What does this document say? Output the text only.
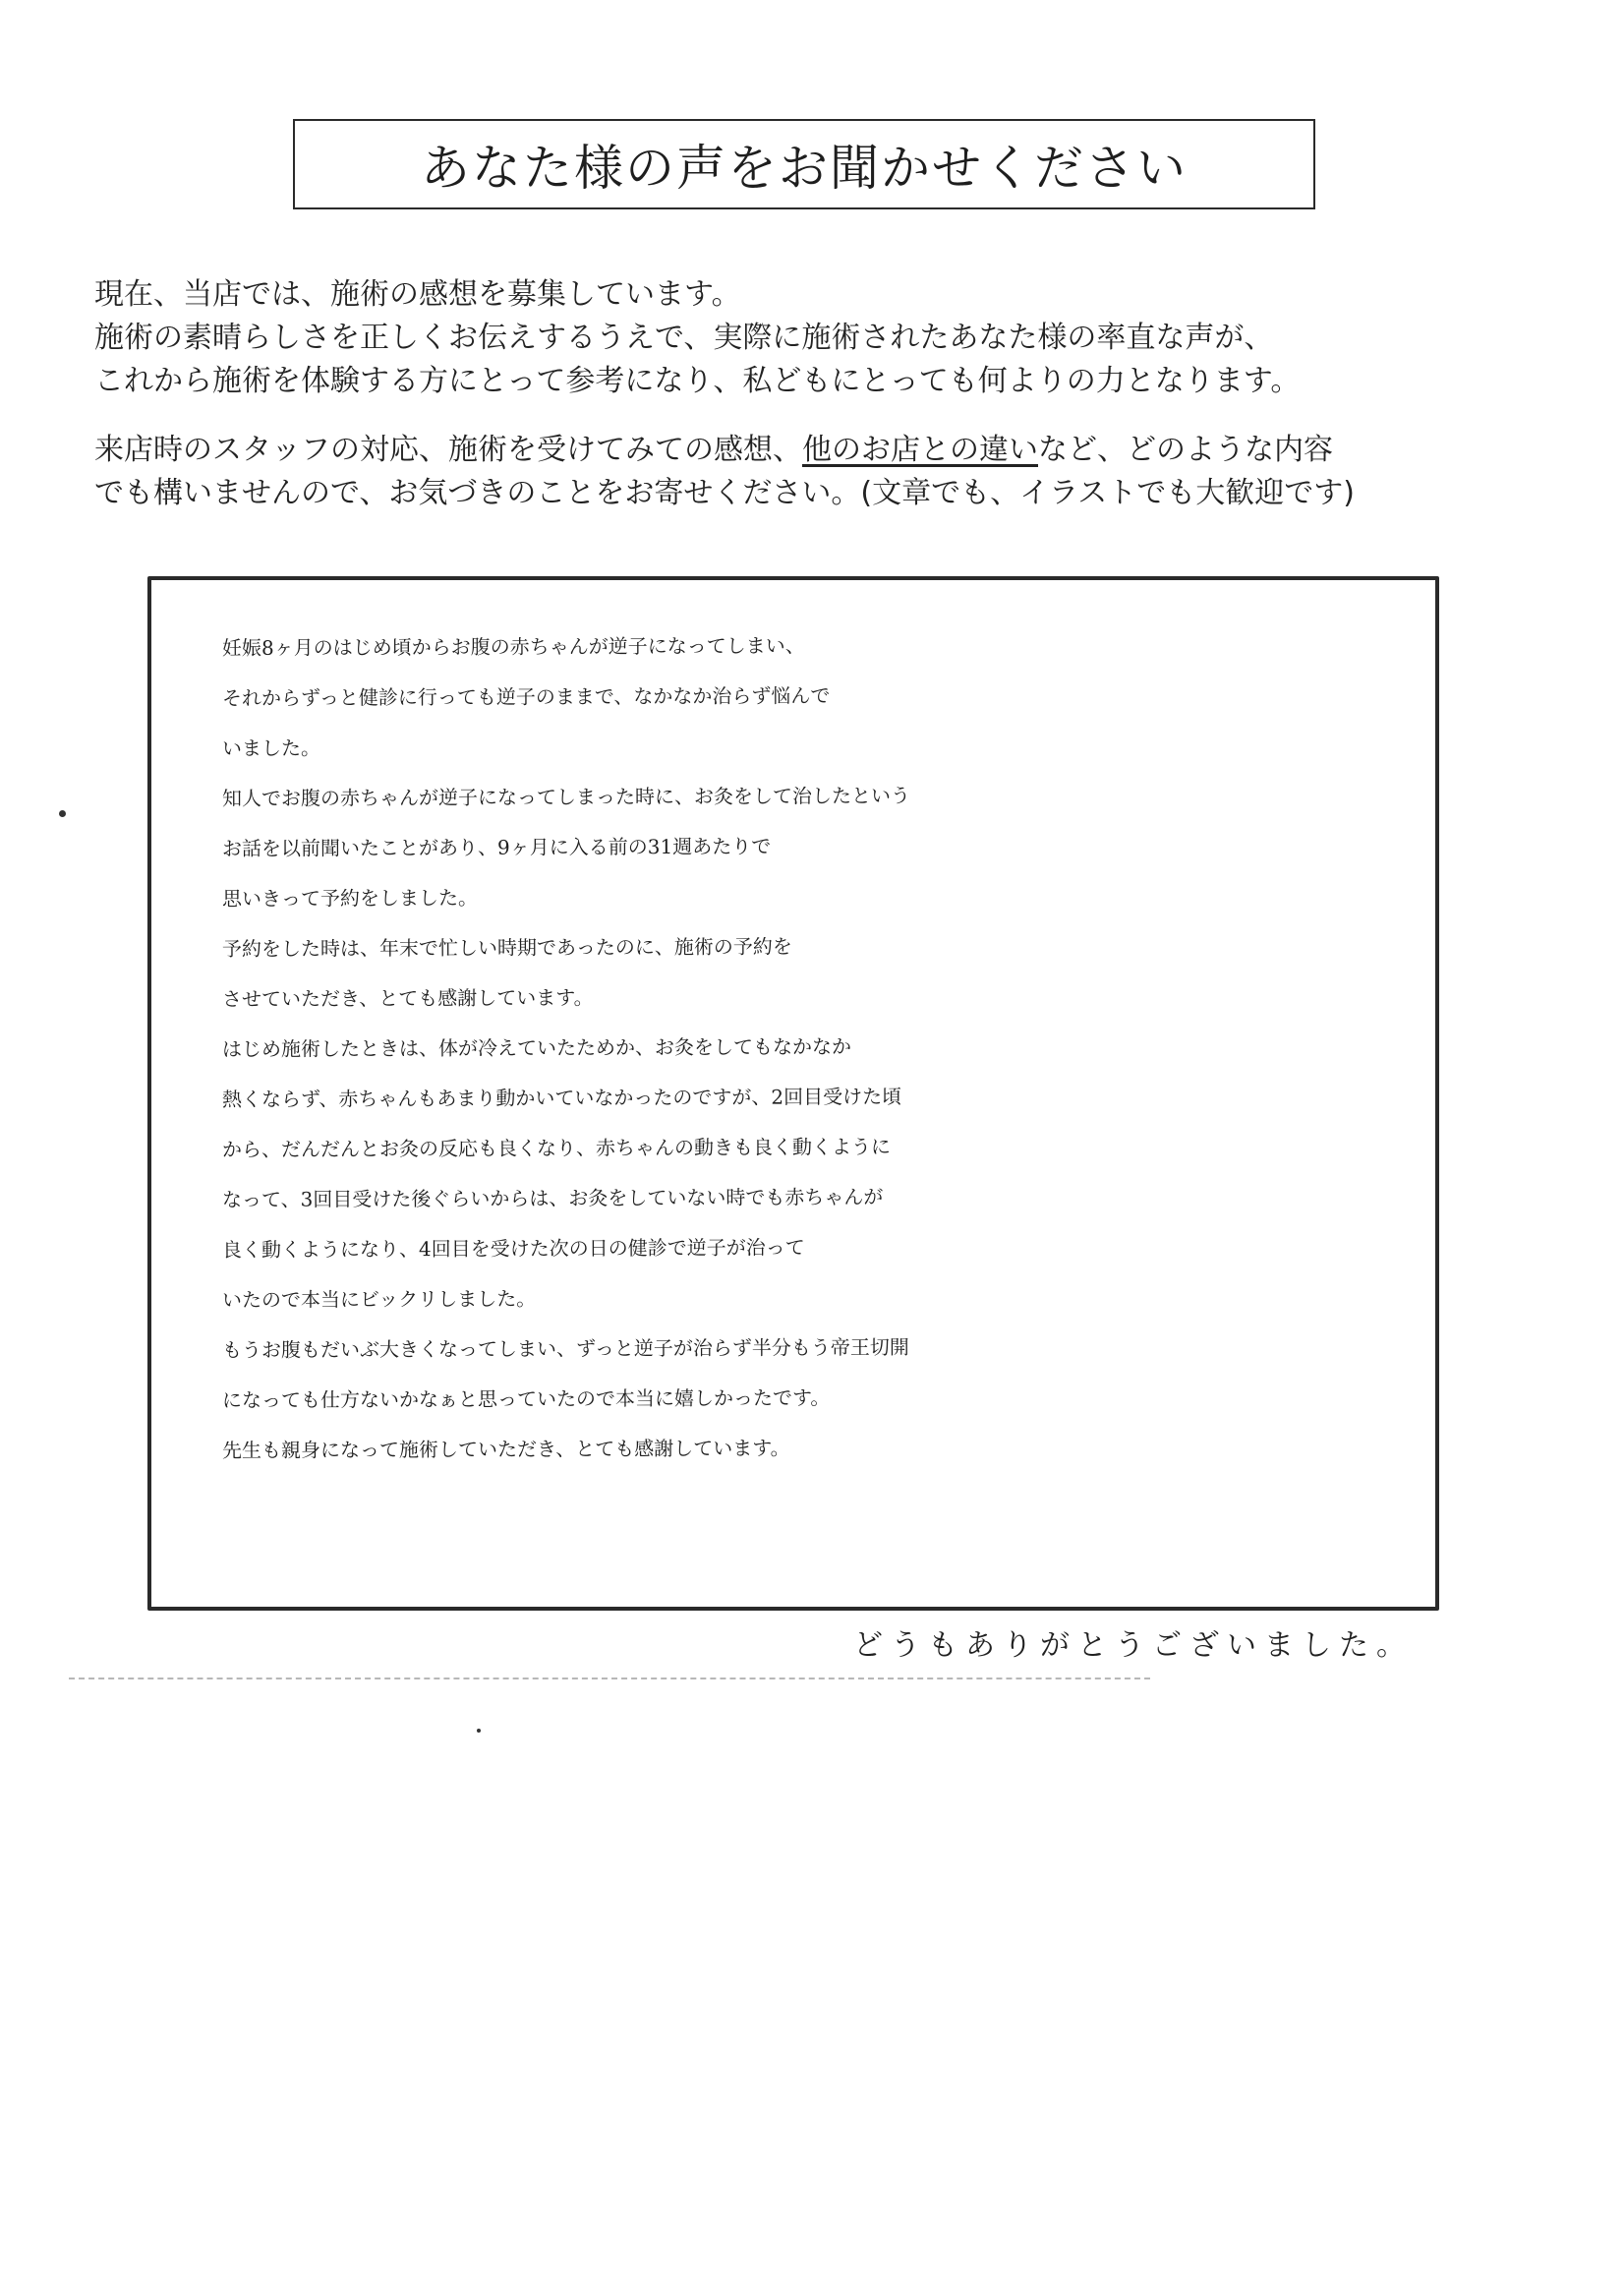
あなた様の声をお聞かせください

現在、当店では、施術の感想を募集しています。

施術の素晴らしさを正しくお伝えするうえで、実際に施術されたあなた様の率直な声が、

これから施術を体験する方にとって参考になり、私どもにとっても何よりの力となります。

来店時のスタッフの対応、施術を受けてみての感想、他のお店との違いなど、どのような内容

でも構いませんので、お気づきのことをお寄せください。(文章でも、イラストでも大歓迎です)

妊娠8ヶ月のはじめ頃からお腹の赤ちゃんが逆子になってしまい、
それからずっと健診に行っても逆子のままで、なかなか治らず悩んで
いました。
知人でお腹の赤ちゃんが逆子になってしまった時に、お灸をして治したという
お話を以前聞いたことがあり、9ヶ月に入る前の31週あたりで
思いきって予約をしました。
予約をした時は、年末で忙しい時期であったのに、施術の予約を
させていただき、とても感謝しています。
はじめ施術したときは、体が冷えていたためか、お灸をしてもなかなか
熱くならず、赤ちゃんもあまり動かいていなかったのですが、2回目受けた頃
から、だんだんとお灸の反応も良くなり、赤ちゃんの動きも良く動くように
なって、3回目受けた後ぐらいからは、お灸をしていない時でも赤ちゃんが
良く動くようになり、4回目を受けた次の日の健診で逆子が治って
いたので本当にビックリしました。
もうお腹もだいぶ大きくなってしまい、ずっと逆子が治らず半分もう帝王切開
になっても仕方ないかなぁと思っていたので本当に嬉しかったです。
先生も親身になって施術していただき、とても感謝しています。
どうもありがとうございました。
